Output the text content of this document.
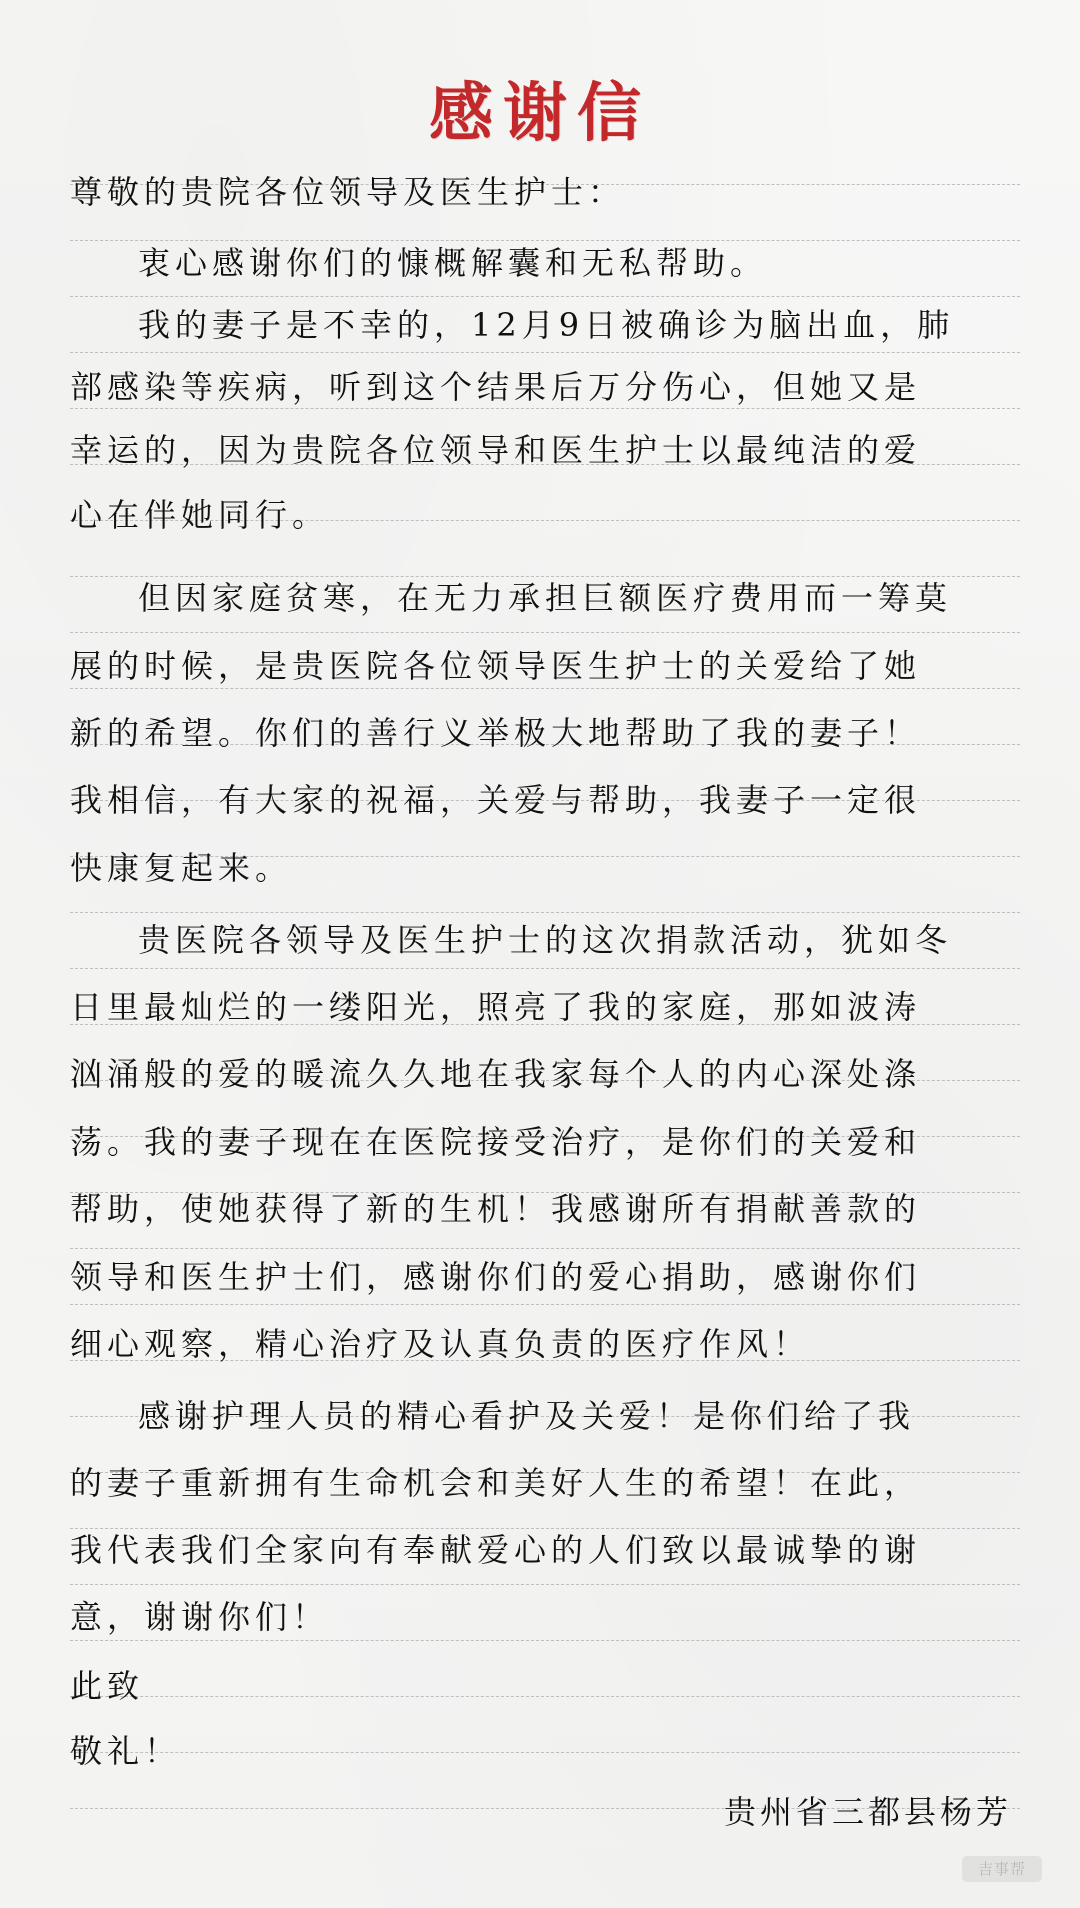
感谢信
尊敬的贵院各位领导及医生护士：
衷心感谢你们的慷概解囊和无私帮助。
我的妻子是不幸的，12月9日被确诊为脑出血，肺
部感染等疾病，听到这个结果后万分伤心，但她又是
幸运的，因为贵院各位领导和医生护士以最纯洁的爱
心在伴她同行。
但因家庭贫寒，在无力承担巨额医疗费用而一筹莫
展的时候，是贵医院各位领导医生护士的关爱给了她
新的希望。你们的善行义举极大地帮助了我的妻子！
我相信，有大家的祝福，关爱与帮助，我妻子一定很
快康复起来。
贵医院各领导及医生护士的这次捐款活动，犹如冬
日里最灿烂的一缕阳光，照亮了我的家庭，那如波涛
汹涌般的爱的暖流久久地在我家每个人的内心深处涤
荡。我的妻子现在在医院接受治疗，是你们的关爱和
帮助，使她获得了新的生机！我感谢所有捐献善款的
领导和医生护士们，感谢你们的爱心捐助，感谢你们
细心观察，精心治疗及认真负责的医疗作风！
感谢护理人员的精心看护及关爱！是你们给了我
的妻子重新拥有生命机会和美好人生的希望！在此，
我代表我们全家向有奉献爱心的人们致以最诚挚的谢
意，谢谢你们！
此致
敬礼！
贵州省三都县杨芳
吉事帮
